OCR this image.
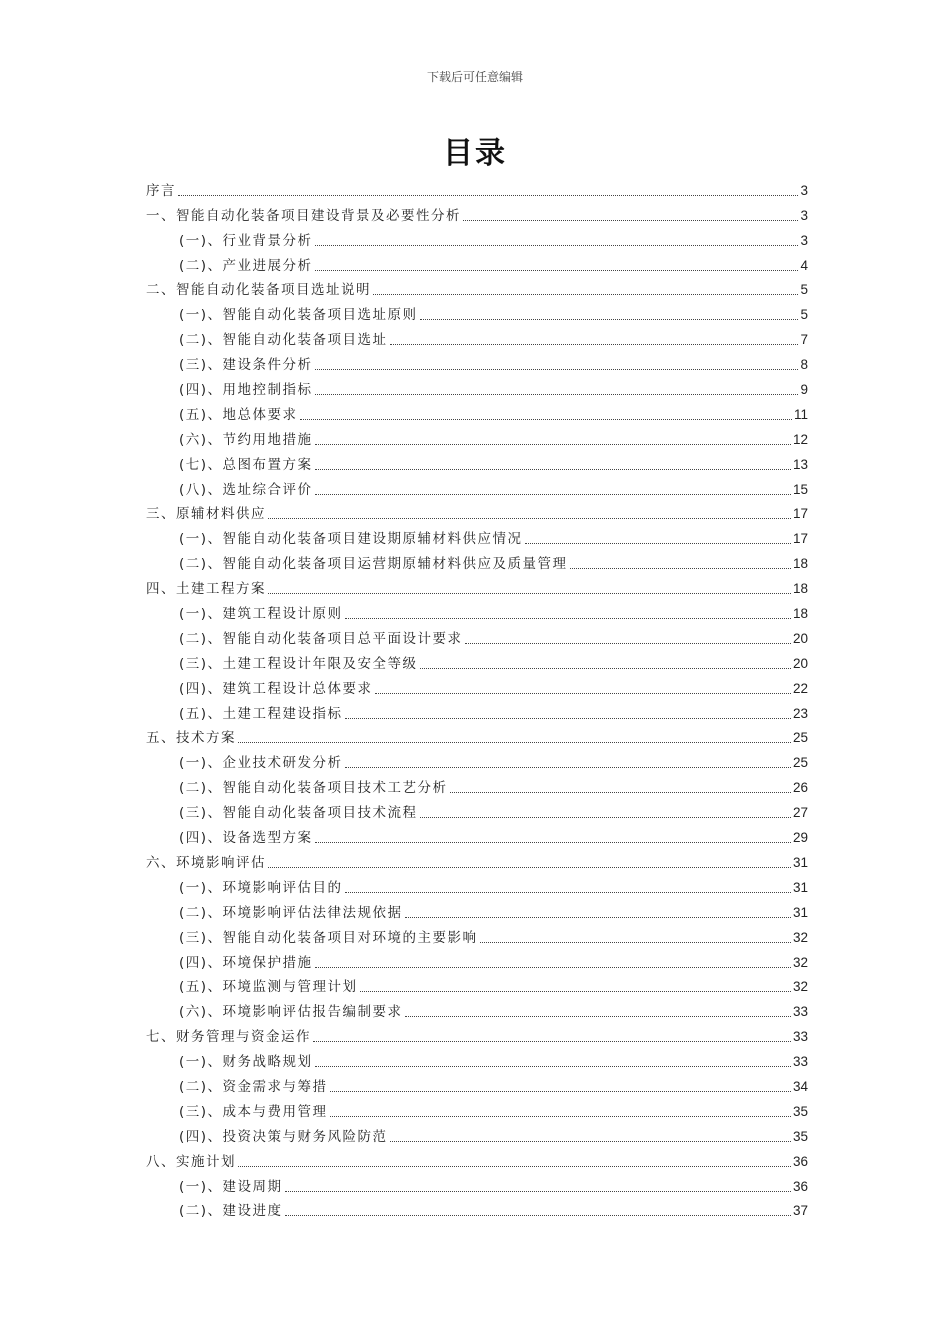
下载后可任意编辑
目录
序言	3
一、智能自动化装备项目建设背景及必要性分析	3
(一)、行业背景分析	3
(二)、产业进展分析	4
二、智能自动化装备项目选址说明	5
(一)、智能自动化装备项目选址原则	5
(二)、智能自动化装备项目选址	7
(三)、建设条件分析	8
(四)、用地控制指标	9
(五)、地总体要求	11
(六)、节约用地措施	12
(七)、总图布置方案	13
(八)、选址综合评价	15
三、原辅材料供应	17
(一)、智能自动化装备项目建设期原辅材料供应情况	17
(二)、智能自动化装备项目运营期原辅材料供应及质量管理	18
四、土建工程方案	18
(一)、建筑工程设计原则	18
(二)、智能自动化装备项目总平面设计要求	20
(三)、土建工程设计年限及安全等级	20
(四)、建筑工程设计总体要求	22
(五)、土建工程建设指标	23
五、技术方案	25
(一)、企业技术研发分析	25
(二)、智能自动化装备项目技术工艺分析	26
(三)、智能自动化装备项目技术流程	27
(四)、设备选型方案	29
六、环境影响评估	31
(一)、环境影响评估目的	31
(二)、环境影响评估法律法规依据	31
(三)、智能自动化装备项目对环境的主要影响	32
(四)、环境保护措施	32
(五)、环境监测与管理计划	32
(六)、环境影响评估报告编制要求	33
七、财务管理与资金运作	33
(一)、财务战略规划	33
(二)、资金需求与筹措	34
(三)、成本与费用管理	35
(四)、投资决策与财务风险防范	35
八、实施计划	36
(一)、建设周期	36
(二)、建设进度	37
